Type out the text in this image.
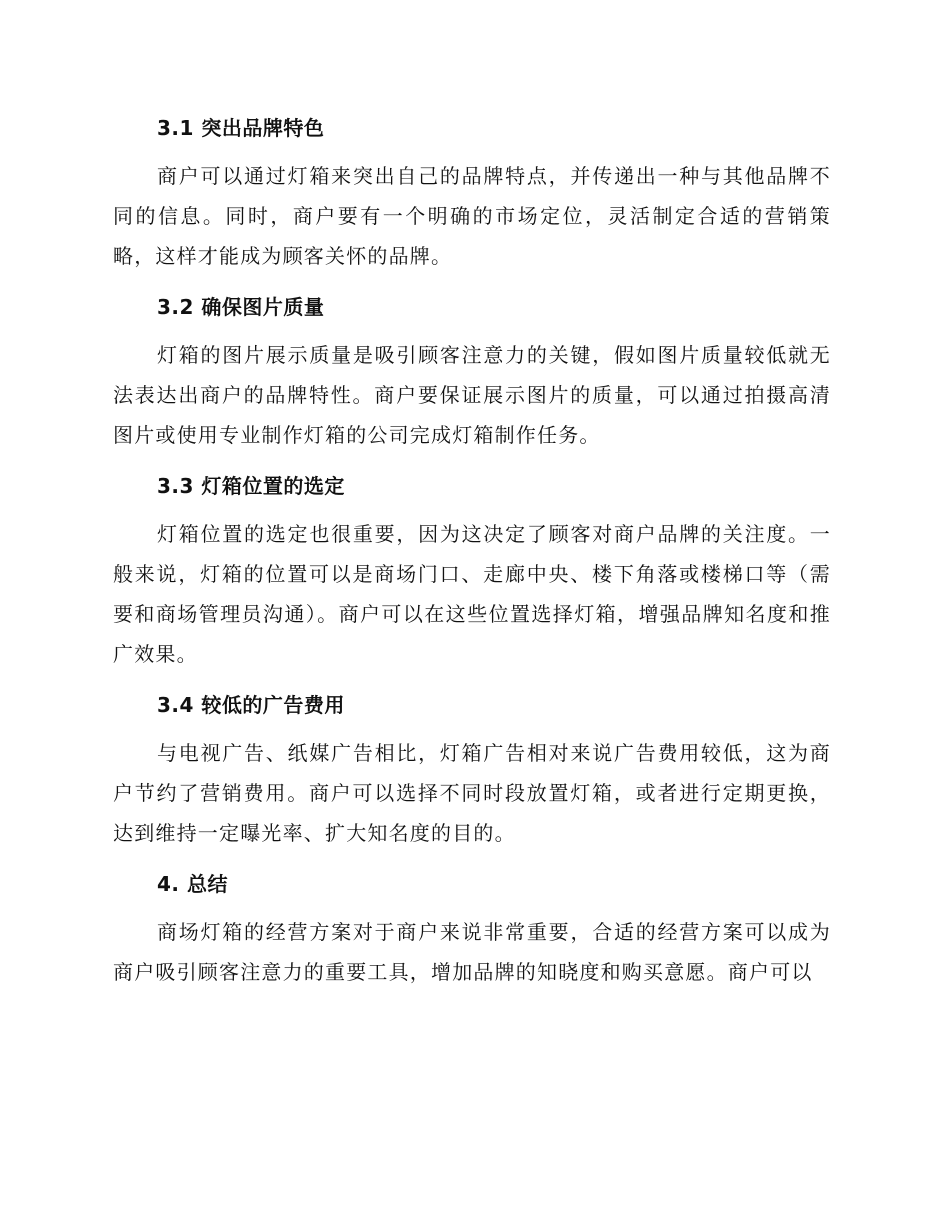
3.1 突出品牌特色

商户可以通过灯箱来突出自己的品牌特点，并传递出一种与其他品牌不同的信息。同时，商户要有一个明确的市场定位，灵活制定合适的营销策略，这样才能成为顾客关怀的品牌。

3.2 确保图片质量

灯箱的图片展示质量是吸引顾客注意力的关键，假如图片质量较低就无法表达出商户的品牌特性。商户要保证展示图片的质量，可以通过拍摄高清图片或使用专业制作灯箱的公司完成灯箱制作任务。

3.3 灯箱位置的选定

灯箱位置的选定也很重要，因为这决定了顾客对商户品牌的关注度。一般来说，灯箱的位置可以是商场门口、走廊中央、楼下角落或楼梯口等（需要和商场管理员沟通）。商户可以在这些位置选择灯箱，增强品牌知名度和推广效果。

3.4 较低的广告费用

与电视广告、纸媒广告相比，灯箱广告相对来说广告费用较低，这为商户节约了营销费用。商户可以选择不同时段放置灯箱，或者进行定期更换，达到维持一定曝光率、扩大知名度的目的。

4. 总结

商场灯箱的经营方案对于商户来说非常重要，合适的经营方案可以成为商户吸引顾客注意力的重要工具，增加品牌的知晓度和购买意愿。商户可以
